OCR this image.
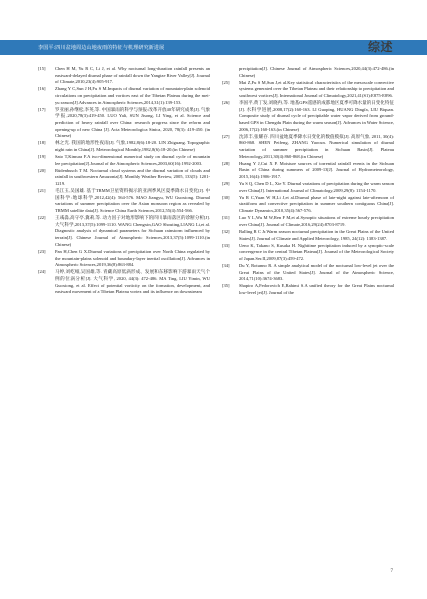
李国平:四川盆地周边山地夜雨的特征与机理研究新进展	综述
[15]	Chen H M, Yu R C, Li J, et al. Why nocturnal long-duration rainfall presents an eastward-delayed diurnal phase of rainfall down the Yangtze River Valley[J]. Journal of Climate,2010,23(4):905-917.
[16]	Zhang Y C,Sun J H,Fu S M.Impacts of diurnal variation of mountain-plain solenoid circulations on precipitation and vortices east of the Tibetan Plateau during the mei-yu season[J].Advances in Atmospheric Sciences,2014,31(1):139-153.
[17]	罗亚丽,孙继松,李英,等. 中国暴雨的科学与预报:改革开放40年研究成果[J]. 气象学报,2020,78(3):419-450. LUO Yali, SUN Jisong, LI Ying, et al. Science and prediction of heavy rainfall over China: research progress since the reform and opening-up of new China [J]. Acta Meteorologica Sinica, 2020, 78(3): 419-450. (in Chinese)
[18]	林之光. 我国的地形性夜雨[J]. 气象,1982,8(6):18-20. LIN Zhiguang. Topographic night rain in China[J]. Meteorological Monthly,1982,8(6):18-20.(in Chinese)
[19]	Sato T,Kimura F.A two-dimensional numerical study on diurnal cycle of mountain lee precipitation[J].Journal of the Atmospheric Sciences,2003,60(16):1992-2003.
[20]	Rüdenbusch T M. Nocturnal cloud systems and the diurnal variation of clouds and rainfall in southwestern Amazonia[J]. Monthly Weather Review, 2005, 133(5): 1201-1219.
[21]	毛江玉,吴国雄. 基于TRMM卫星资料揭示的亚洲季风区夏季降水日变化[J]. 中国科学:地球科学,2012,42(4): 564-576. MAO Jiangyu, WU Guoxiong. Diurnal variations of summer precipitation over the Asian monsoon region as revealed by TRMM satellite data[J]. Science China Earth Sciences,2012,55(4):554-566.
[22]	王彧淼,高守亭,冀莉,等. 动力因子对地形影响下的四川暴雨落区的诊断分析[J]. 大气科学,2013,37(5):1099-1110. WANG Chengxin,GAO Shouting,LIANG Li,et al. Diagnostic analysis of dynamical parameters for Sichuan rainstorm influenced by terrain[J]. Chinese Journal of Atmospheric Sciences,2013,37(5):1099-1110.(in Chinese)
[23]	Pan H,Chen G X.Diurnal variations of precipitation over North China regulated by the mountain-plains solenoid and boundary-layer inertial oscillation[J]. Advances in Atmospheric Sciences,2019,36(8):863-884.
[24]	马婷,刘屹岷,吴国雄,等. 青藏高原低涡形成、发展和东移影响下游暴雨天气个例的位涡分析[J]. 大气科学, 2020, 44(3): 472-486. MA Ting, LIU Yimin, WU Guoxiong, et al. Effect of potential vorticity on the formation, development, and eastward movement of a Tibetan Plateau vortex and its influence on downstream
precipitation[J]. Chinese Journal of Atmospheric Sciences,2020,44(3):472-486.(in Chinese)
[25]	Mai Z,Fu S M,Sun J,et al.Key statistical characteristics of the mesoscale convective systems generated over the Tibetan Plateau and their relationship to precipitation and southwest vortices[J]. International Journal of Climatology,2021,41(S1):E875-E896.
[26]	李国平,黄丁发,刘晓冉,等. 地基GPS遥感的成都地区夏季可降水量的日变化特征[J]. 水科学进展,2008,17(2):160-163. LI Guoping, HUANG Dingfa, LIU Biquan. Composite study of diurnal cycle of precipitable water vapor derived from ground-based GPS in Chengdu Plain during the warm season[J]. Advances in Water Science, 2006,17(2):160-163.(in Chinese)
[27]	沈沛丰,张耀存. 四川盆地夏季降水日变化的数值模拟[J]. 高原气象, 2011, 30(4): 860-868. SHEN Peifeng, ZHANG Yaocun. Numerical simulation of diurnal variation of summer precipitation in Sichuan Basin[J]. Plateau Meteorology,2011,30(4):860-868.(in Chinese)
[28]	Huang Y J,Cui X P. Moisture sources of torrential rainfall events in the Sichuan Basin of China during summers of 2009-13[J]. Journal of Hydrometeorology, 2015,16(4):1906-1917.
[29]	Yu S Q, Chen D L, Xie Y. Diurnal variations of precipitation during the warm season over China[J]. International Journal of Climatology,2009,29(8): 1154-1170.
[30]	Yu R C,Yuan W H,Li J,et al.Diurnal phase of late-night against late-afternoon of stratiform and convective precipitation in summer southern contiguous China[J]. Climate Dynamics,2010,35(4):567-576.
[31]	Luo Y L,Wu M W,Ren F M,et al.Synoptic situations of extreme hourly precipitation over China[J]. Journal of Climate,2016,29(24):8703-8719.
[32]	Balling R C Jr.Warm season nocturnal precipitation in the Great Plains of the United States[J]. Journal of Climate and Applied Meteorology, 1985, 24(12): 1383-1387.
[33]	Ueno K, Takano S, Kusaka H. Nighttime precipitation induced by a synoptic-scale convergence in the central Tibetan Plateau[J]. Journal of the Meteorological Society of Japan.Ser.II,2009,87(3):459-472.
[34]	Du Y, Rotunno R. A simple analytical model of the nocturnal low-level jet over the Great Plains of the United States[J]. Journal of the Atmospheric Science, 2014,71(10):3674-3683.
[35]	Shapiro A,Fedorovich E,Rahimi S.A unified theory for the Great Plains nocturnal low-level jet[J]. Journal of the
7
